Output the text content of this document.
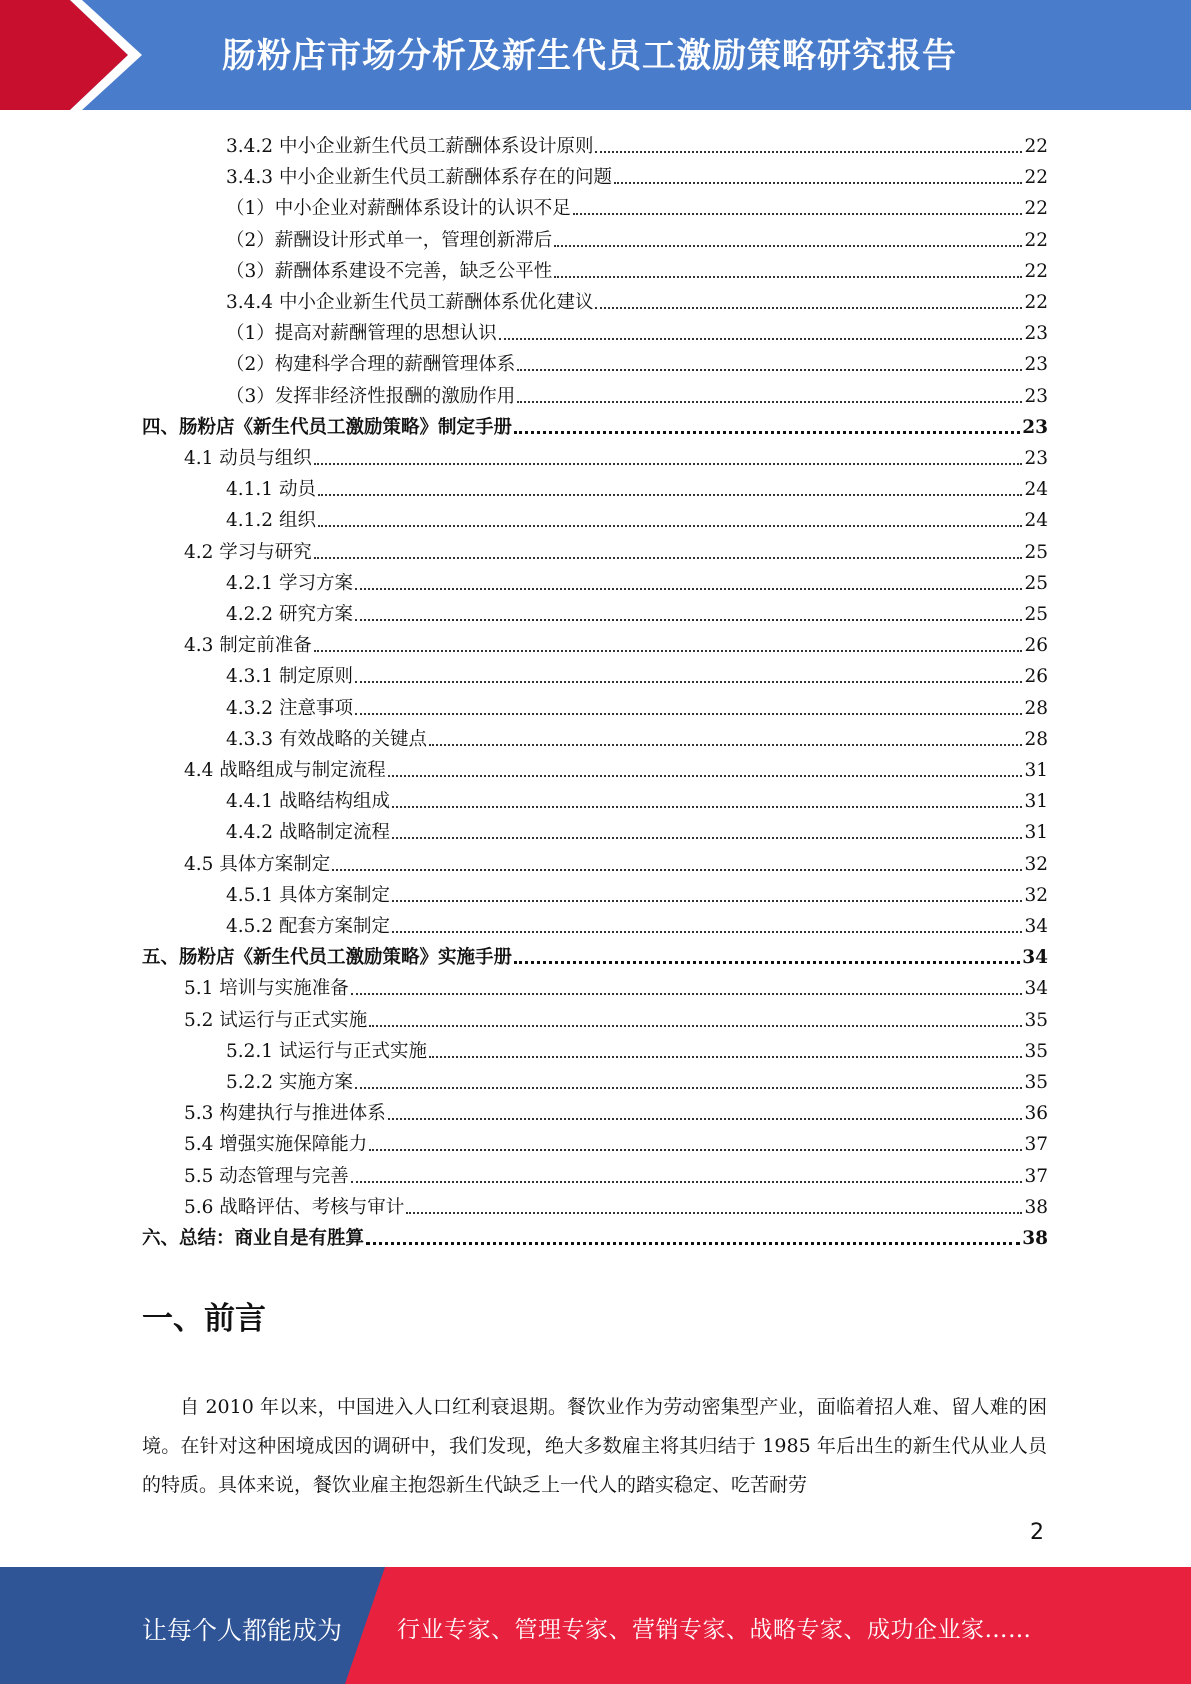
肠粉店市场分析及新生代员工激励策略研究报告
3.4.2 中小企业新生代员工薪酬体系设计原则	22
3.4.3 中小企业新生代员工薪酬体系存在的问题	22
（1）中小企业对薪酬体系设计的认识不足	22
（2）薪酬设计形式单一，管理创新滞后	22
（3）薪酬体系建设不完善，缺乏公平性	22
3.4.4 中小企业新生代员工薪酬体系优化建议	22
（1）提高对薪酬管理的思想认识	23
（2）构建科学合理的薪酬管理体系	23
（3）发挥非经济性报酬的激励作用	23
四、肠粉店《新生代员工激励策略》制定手册	23
4.1 动员与组织	23
4.1.1 动员	24
4.1.2 组织	24
4.2 学习与研究	25
4.2.1 学习方案	25
4.2.2 研究方案	25
4.3 制定前准备	26
4.3.1 制定原则	26
4.3.2 注意事项	28
4.3.3 有效战略的关键点	28
4.4 战略组成与制定流程	31
4.4.1 战略结构组成	31
4.4.2 战略制定流程	31
4.5 具体方案制定	32
4.5.1 具体方案制定	32
4.5.2 配套方案制定	34
五、肠粉店《新生代员工激励策略》实施手册	34
5.1 培训与实施准备	34
5.2 试运行与正式实施	35
5.2.1 试运行与正式实施	35
5.2.2 实施方案	35
5.3 构建执行与推进体系	36
5.4 增强实施保障能力	37
5.5 动态管理与完善	37
5.6 战略评估、考核与审计	38
六、总结：商业自是有胜算	38
一、前言

自 2010 年以来，中国进入人口红利衰退期。餐饮业作为劳动密集型产业，面临着招人难、留人难的困境。在针对这种困境成因的调研中，我们发现，绝大多数雇主将其归结于 1985 年后出生的新生代从业人员的特质。具体来说，餐饮业雇主抱怨新生代缺乏上一代人的踏实稳定、吃苦耐劳

2
让每个人都能成为 行业专家、管理专家、营销专家、战略专家、成功企业家……
